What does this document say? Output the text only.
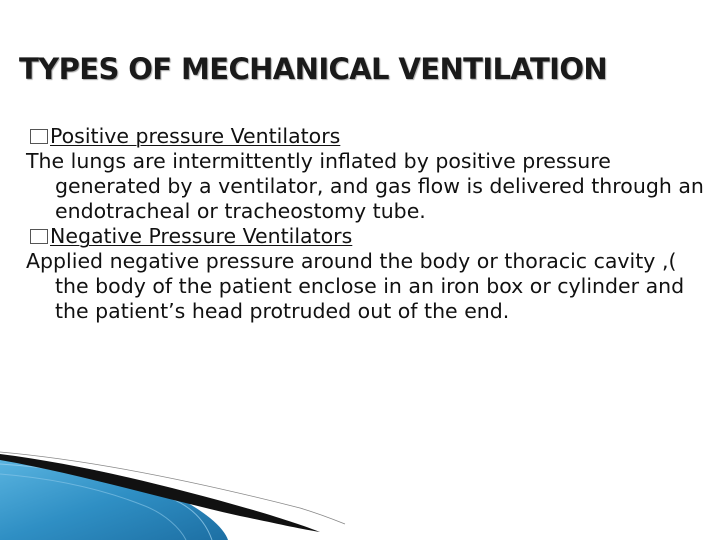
TYPES OF MECHANICAL VENTILATION
Positive pressure Ventilators

The lungs are intermittently inflated by positive pressure generated by a ventilator, and gas flow is delivered through an endotracheal or tracheostomy tube.

Negative Pressure Ventilators

Applied negative pressure around the body or thoracic cavity ,( the body of the patient enclose in an iron box or cylinder and the patient’s head protruded out of the end.
